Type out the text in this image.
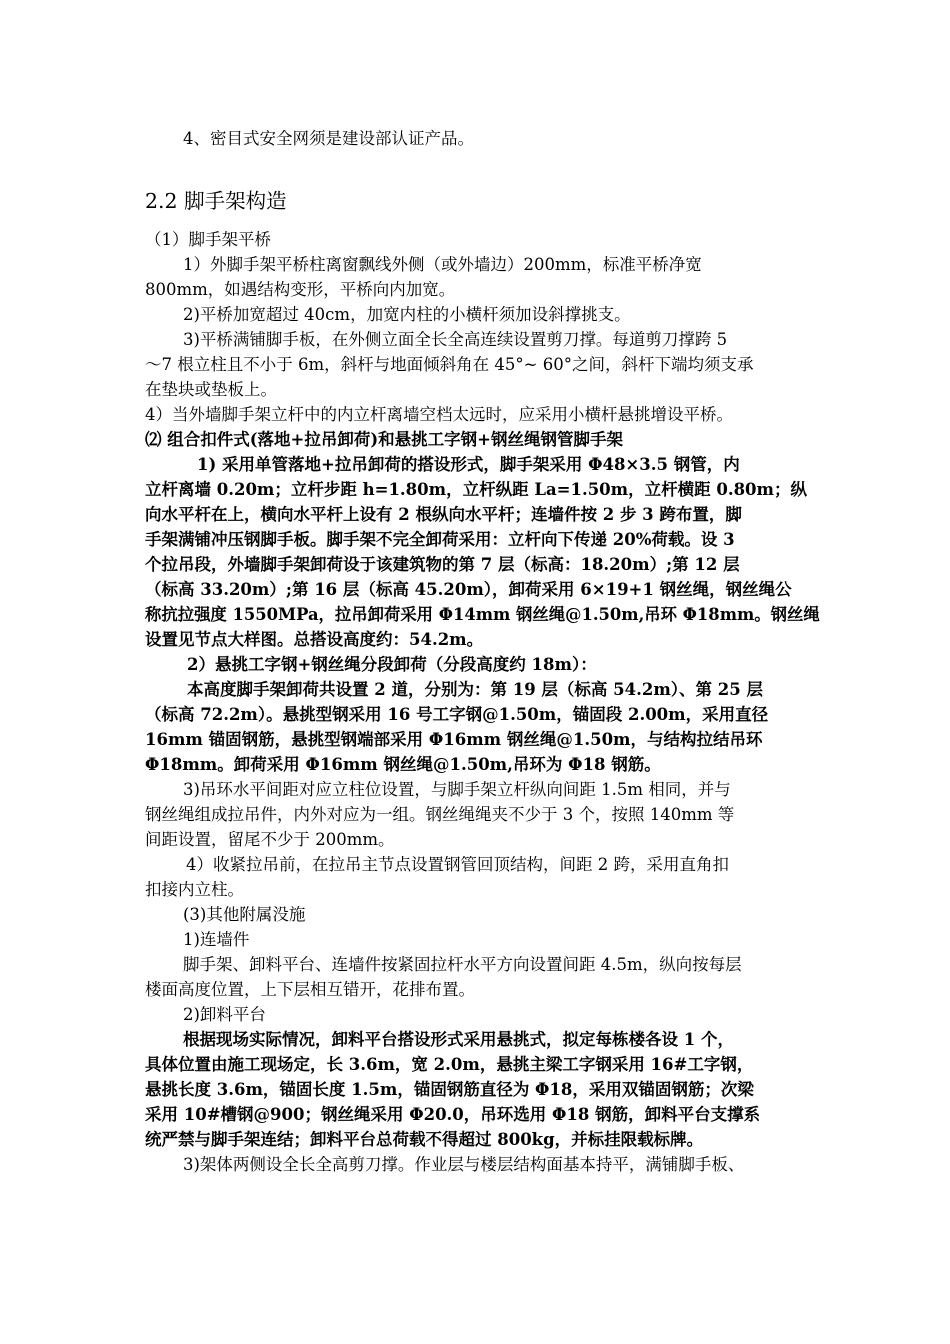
4、密目式安全网须是建设部认证产品。
2.2 脚手架构造
（1）脚手架平桥
1）外脚手架平桥柱离窗飘线外侧（或外墙边）200mm，标准平桥净宽
800mm，如遇结构变形，平桥向内加宽。
2)平桥加宽超过 40cm，加宽内柱的小横杆须加设斜撑挑支。
3)平桥满铺脚手板，在外侧立面全长全高连续设置剪刀撑。每道剪刀撑跨 5
～7 根立柱且不小于 6m，斜杆与地面倾斜角在 45°~ 60°之间，斜杆下端均须支承
在垫块或垫板上。
4）当外墙脚手架立杆中的内立杆离墙空档太远时，应采用小横杆悬挑增设平桥。
⑵ 组合扣件式(落地+拉吊卸荷)和悬挑工字钢+钢丝绳钢管脚手架
1) 采用单管落地+拉吊卸荷的搭设形式，脚手架采用 Φ48×3.5 钢管，内
立杆离墙 0.20m；立杆步距 h=1.80m，立杆纵距 La=1.50m，立杆横距 0.80m；纵
向水平杆在上，横向水平杆上设有 2 根纵向水平杆；连墙件按 2 步 3 跨布置，脚
手架满铺冲压钢脚手板。脚手架不完全卸荷采用：立杆向下传递 20%荷载。设 3
个拉吊段，外墙脚手架卸荷设于该建筑物的第 7 层（标高：18.20m）;第 12 层
（标高 33.20m）;第 16 层（标高 45.20m），卸荷采用 6×19+1 钢丝绳，钢丝绳公
称抗拉强度 1550MPa，拉吊卸荷采用 Φ14mm 钢丝绳@1.50m,吊环 Φ18mm。钢丝绳
设置见节点大样图。总搭设高度约：54.2m。
2）悬挑工字钢+钢丝绳分段卸荷（分段高度约 18m）：
本高度脚手架卸荷共设置 2 道，分别为：第 19 层（标高 54.2m）、第 25 层
（标高 72.2m）。悬挑型钢采用 16 号工字钢@1.50m，锚固段 2.00m，采用直径
16mm 锚固钢筋，悬挑型钢端部采用 Φ16mm 钢丝绳@1.50m，与结构拉结吊环
Φ18mm。卸荷采用 Φ16mm 钢丝绳@1.50m,吊环为 Φ18 钢筋。
3)吊环水平间距对应立柱位设置，与脚手架立杆纵向间距 1.5m 相同，并与
钢丝绳组成拉吊件，内外对应为一组。钢丝绳绳夹不少于 3 个，按照 140mm 等
间距设置，留尾不少于 200mm。
4）收紧拉吊前，在拉吊主节点设置钢管回顶结构，间距 2 跨，采用直角扣
扣接内立柱。
(3)其他附属没施
1)连墙件
脚手架、卸料平台、连墙件按紧固拉杆水平方向设置间距 4.5m，纵向按每层
楼面高度位置，上下层相互错开，花排布置。
2)卸料平台
根据现场实际情况，卸料平台搭设形式采用悬挑式，拟定每栋楼各设 1 个，
具体位置由施工现场定，长 3.6m，宽 2.0m，悬挑主梁工字钢采用 16#工字钢，
悬挑长度 3.6m，锚固长度 1.5m，锚固钢筋直径为 Φ18，采用双锚固钢筋；次梁
采用 10#槽钢@900；钢丝绳采用 Φ20.0，吊环选用 Φ18 钢筋，卸料平台支撑系
统严禁与脚手架连结；卸料平台总荷载不得超过 800kg，并标挂限载标牌。
3)架体两侧设全长全高剪刀撑。作业层与楼层结构面基本持平，满铺脚手板、
